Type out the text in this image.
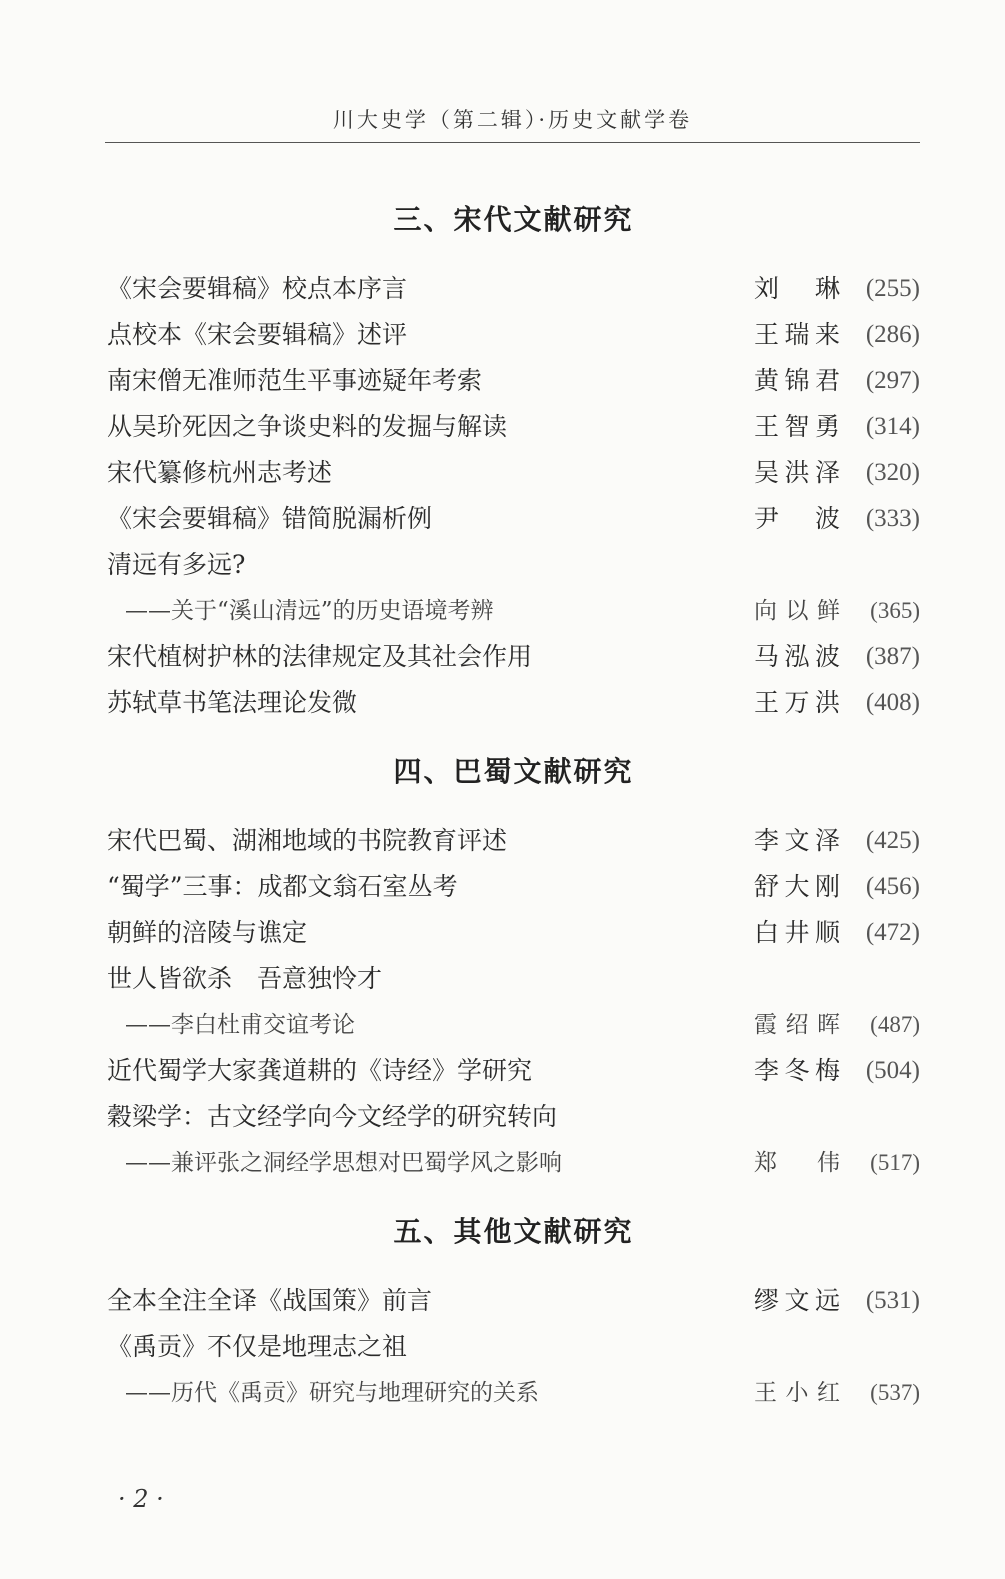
川大史学（第二辑）·历史文献学卷
三、宋代文献研究
《宋会要辑稿》校点本序言	刘琳	(255)
点校本《宋会要辑稿》述评	王瑞来	(286)
南宋僧无准师范生平事迹疑年考索	黄锦君	(297)
从吴玠死因之争谈史料的发掘与解读	王智勇	(314)
宋代纂修杭州志考述	吴洪泽	(320)
《宋会要辑稿》错简脱漏析例	尹波	(333)
清远有多远?
——关于“溪山清远”的历史语境考辨	向以鲜	(365)
宋代植树护林的法律规定及其社会作用	马泓波	(387)
苏轼草书笔法理论发微	王万洪	(408)
四、巴蜀文献研究
宋代巴蜀、湖湘地域的书院教育评述	李文泽	(425)
“蜀学”三事：成都文翁石室丛考	舒大刚	(456)
朝鲜的涪陵与谯定	白井顺	(472)
世人皆欲杀　吾意独怜才
——李白杜甫交谊考论	霞绍晖	(487)
近代蜀学大家龚道耕的《诗经》学研究	李冬梅	(504)
穀梁学：古文经学向今文经学的研究转向
——兼评张之洞经学思想对巴蜀学风之影响	郑伟	(517)
五、其他文献研究
全本全注全译《战国策》前言	缪文远	(531)
《禹贡》不仅是地理志之祖
——历代《禹贡》研究与地理研究的关系	王小红	(537)
· 2 ·
